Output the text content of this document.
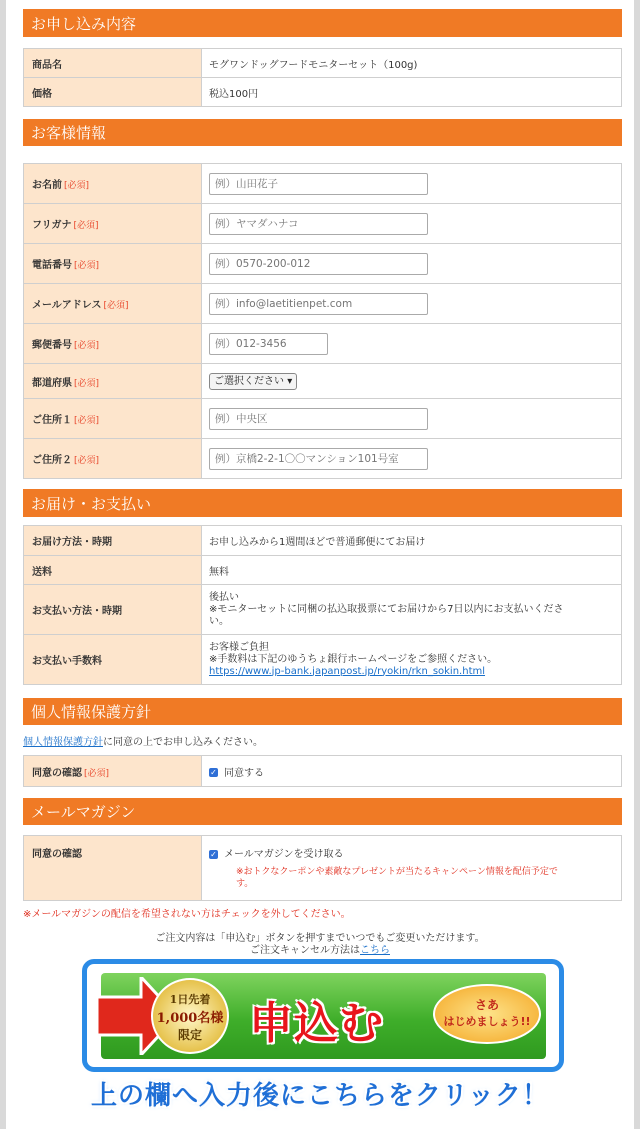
お申し込み内容
商品名	モグワンドッグフードモニターセット（100g)
価格	税込100円
お客様情報
お名前 [必須]	例）山田花子
フリガナ [必須]	例）ヤマダハナコ
電話番号 [必須]	例）0570-200-012
メールアドレス [必須]	例）info@laetitienpet.com
郵便番号 [必須]	例）012-3456
都道府県 [必須]	ご選択ください ▾
ご住所１ [必須]	例）中央区
ご住所２ [必須]	例）京橋2-2-1〇〇マンション101号室
お届け・お支払い
お届け方法・時期	お申し込みから1週間ほどで普通郵便にてお届け
送料	無料
お支払い方法・時期	後払い
※モニターセットに同梱の払込取扱票にてお届けから7日以内にお支払いくださ
い。

お支払い手数料	お客様ご負担
※手数料は下記のゆうちょ銀行ホームページをご参照ください。
https://www.jp-bank.japanpost.jp/ryokin/rkn_sokin.html
個人情報保護方針
個人情報保護方針に同意の上でお申し込みください。
同意の確認 [必須]	✓ 同意する
メールマガジン
同意の確認	✓ メールマガジンを受け取る
※おトクなクーポンや素敵なプレゼントが当たるキャンペーン情報を配信予定で
す。
※メールマガジンの配信を希望されない方はチェックを外してください。
ご注文内容は「申込む」ボタンを押すまでいつでもご変更いただけます。
ご注文キャンセル方法はこちら
1日先着
1,000名様
限定	申込む	さあ
はじめましょう!!
上の欄へ入力後にこちらをクリック！
